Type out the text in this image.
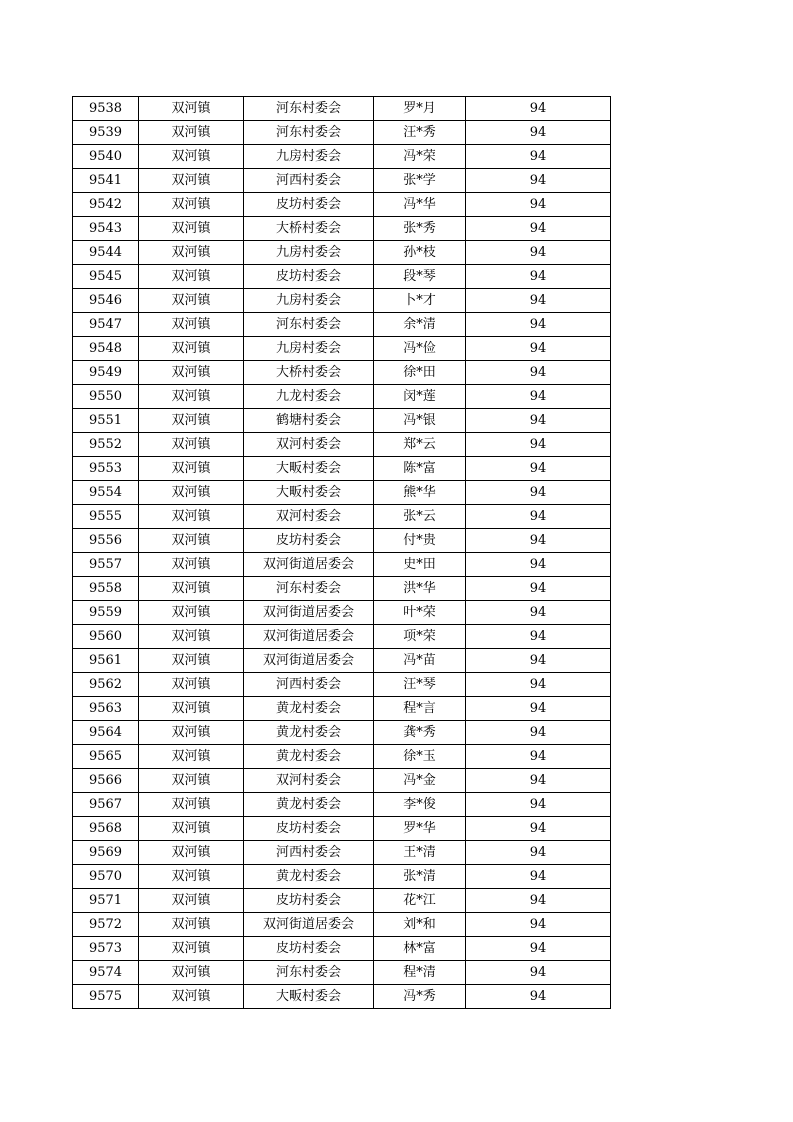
9538	双河镇	河东村委会	罗*月	94
9539	双河镇	河东村委会	汪*秀	94
9540	双河镇	九房村委会	冯*荣	94
9541	双河镇	河西村委会	张*学	94
9542	双河镇	皮坊村委会	冯*华	94
9543	双河镇	大桥村委会	张*秀	94
9544	双河镇	九房村委会	孙*枝	94
9545	双河镇	皮坊村委会	段*琴	94
9546	双河镇	九房村委会	卜*才	94
9547	双河镇	河东村委会	余*清	94
9548	双河镇	九房村委会	冯*俭	94
9549	双河镇	大桥村委会	徐*田	94
9550	双河镇	九龙村委会	闵*莲	94
9551	双河镇	鹤塘村委会	冯*银	94
9552	双河镇	双河村委会	郑*云	94
9553	双河镇	大畈村委会	陈*富	94
9554	双河镇	大畈村委会	熊*华	94
9555	双河镇	双河村委会	张*云	94
9556	双河镇	皮坊村委会	付*贵	94
9557	双河镇	双河街道居委会	史*田	94
9558	双河镇	河东村委会	洪*华	94
9559	双河镇	双河街道居委会	叶*荣	94
9560	双河镇	双河街道居委会	项*荣	94
9561	双河镇	双河街道居委会	冯*苗	94
9562	双河镇	河西村委会	汪*琴	94
9563	双河镇	黄龙村委会	程*言	94
9564	双河镇	黄龙村委会	龚*秀	94
9565	双河镇	黄龙村委会	徐*玉	94
9566	双河镇	双河村委会	冯*金	94
9567	双河镇	黄龙村委会	李*俊	94
9568	双河镇	皮坊村委会	罗*华	94
9569	双河镇	河西村委会	王*清	94
9570	双河镇	黄龙村委会	张*清	94
9571	双河镇	皮坊村委会	花*江	94
9572	双河镇	双河街道居委会	刘*和	94
9573	双河镇	皮坊村委会	林*富	94
9574	双河镇	河东村委会	程*清	94
9575	双河镇	大畈村委会	冯*秀	94
